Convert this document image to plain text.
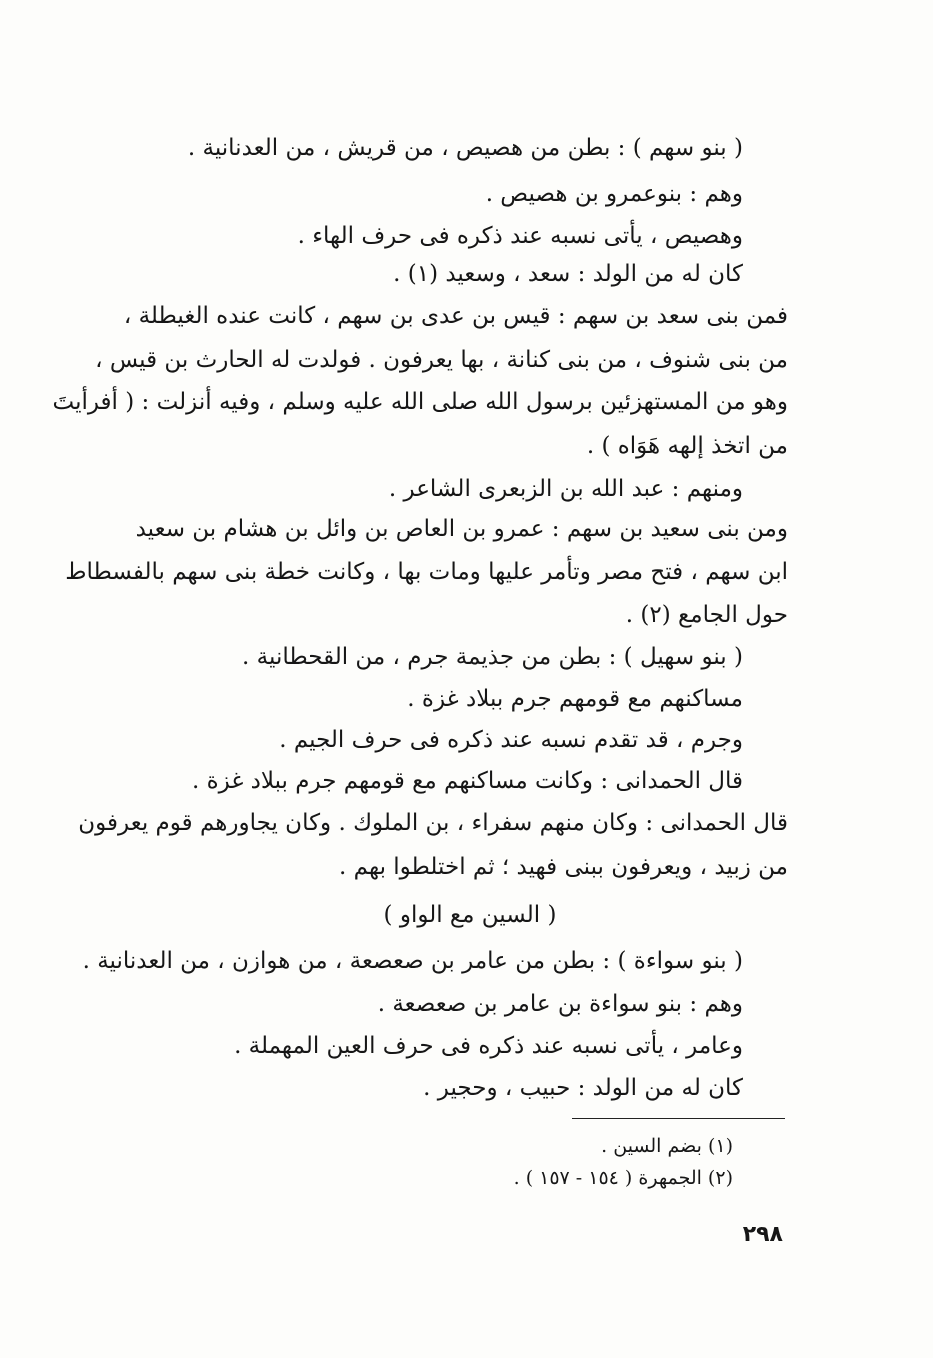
( بنو سهم ) : بطن من هصيص ، من قريش ، من العدنانية .
وهم : بنوعمرو بن هصيص .
وهصيص ، يأتى نسبه عند ذكره فى حرف الهاء .
كان له من الولد : سعد ، وسعيد (١) .
فمن بنى سعد بن سهم : قيس بن عدى بن سهم ، كانت عنده الغيطلة ،
من بنى شنوف ، من بنى كنانة ، بها يعرفون . فولدت له الحارث بن قيس ،
وهو من المستهزئين برسول الله صلى الله عليه وسلم ، وفيه أنزلت : ( أفرأيتَ
من اتخذ إلهه هَوَاه ) .
ومنهم : عبد الله بن الزبعرى الشاعر .
ومن بنى سعيد بن سهم : عمرو بن العاص بن وائل بن هشام بن سعيد
ابن سهم ، فتح مصر وتأمر عليها ومات بها ، وكانت خطة بنى سهم بالفسطاط
حول الجامع (٢) .
( بنو سهيل ) : بطن من جذيمة جرم ، من القحطانية .
مساكنهم مع قومهم جرم ببلاد غزة .
وجرم ، قد تقدم نسبه عند ذكره فى حرف الجيم .
قال الحمدانى : وكانت مساكنهم مع قومهم جرم ببلاد غزة .
قال الحمدانى : وكان منهم سفراء ، بن الملوك . وكان يجاورهم قوم يعرفون
من زبيد ، ويعرفون ببنى فهيد ؛ ثم اختلطوا بهم .
( السين مع الواو )
( بنو سواءة ) : بطن من عامر بن صعصعة ، من هوازن ، من العدنانية .
وهم : بنو سواءة بن عامر بن صعصعة .
وعامر ، يأتى نسبه عند ذكره فى حرف العين المهملة .
كان له من الولد : حبيب ، وحجير .
(١) بضم السين .
(٢) الجمهرة ( ١٥٤ - ١٥٧ ) .
٢٩٨
